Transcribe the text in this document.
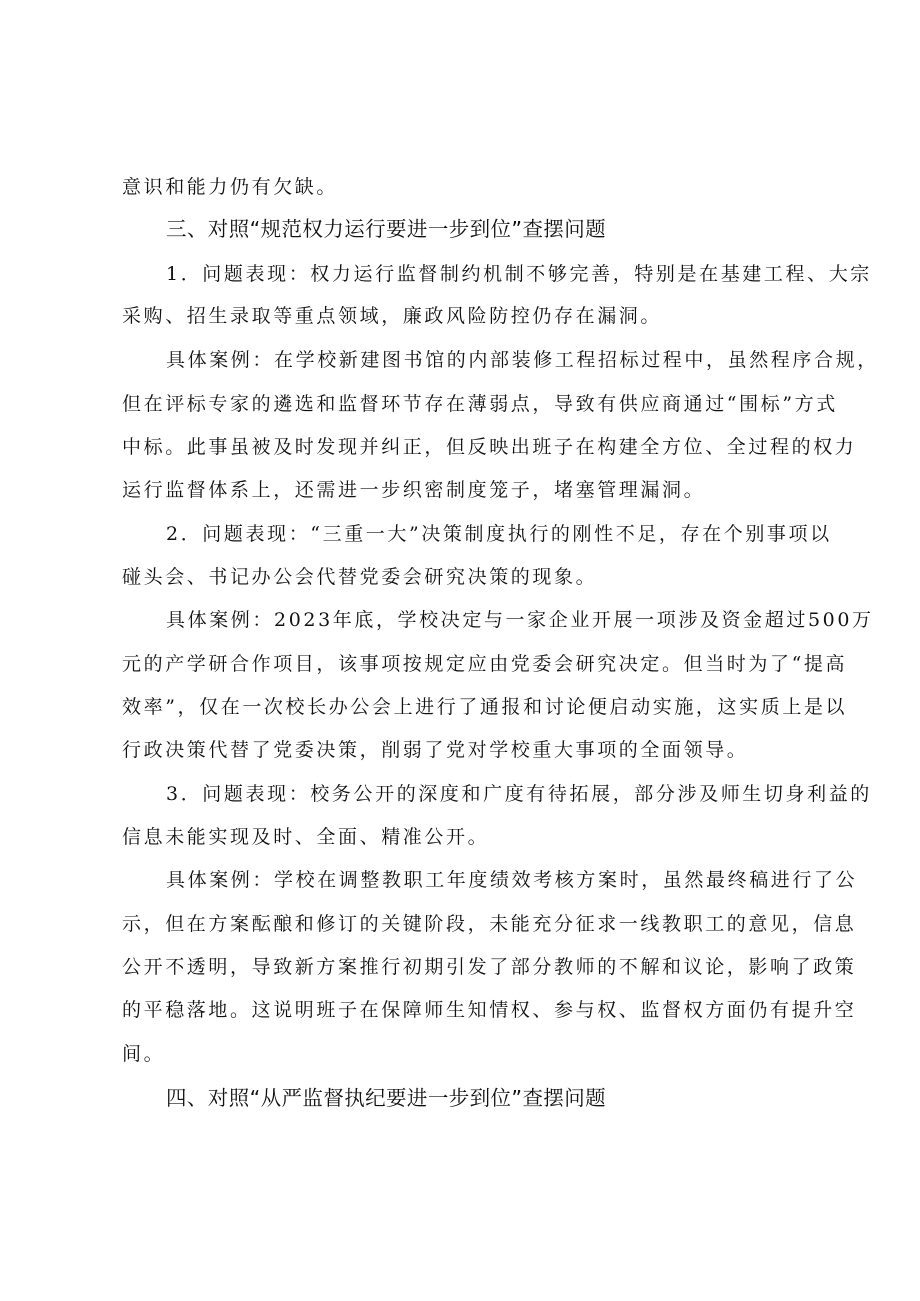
意识和能力仍有欠缺。
三、对照“规范权力运行要进一步到位”查摆问题
1．问题表现：权力运行监督制约机制不够完善，特别是在基建工程、大宗
采购、招生录取等重点领域，廉政风险防控仍存在漏洞。
具体案例：在学校新建图书馆的内部装修工程招标过程中，虽然程序合规，
但在评标专家的遴选和监督环节存在薄弱点，导致有供应商通过“围标”方式
中标。此事虽被及时发现并纠正，但反映出班子在构建全方位、全过程的权力
运行监督体系上，还需进一步织密制度笼子，堵塞管理漏洞。
2．问题表现：“三重一大”决策制度执行的刚性不足，存在个别事项以
碰头会、书记办公会代替党委会研究决策的现象。
具体案例：2023年底，学校决定与一家企业开展一项涉及资金超过500万
元的产学研合作项目，该事项按规定应由党委会研究决定。但当时为了“提高
效率”，仅在一次校长办公会上进行了通报和讨论便启动实施，这实质上是以
行政决策代替了党委决策，削弱了党对学校重大事项的全面领导。
3．问题表现：校务公开的深度和广度有待拓展，部分涉及师生切身利益的
信息未能实现及时、全面、精准公开。
具体案例：学校在调整教职工年度绩效考核方案时，虽然最终稿进行了公
示，但在方案酝酿和修订的关键阶段，未能充分征求一线教职工的意见，信息
公开不透明，导致新方案推行初期引发了部分教师的不解和议论，影响了政策
的平稳落地。这说明班子在保障师生知情权、参与权、监督权方面仍有提升空
间。
四、对照“从严监督执纪要进一步到位”查摆问题
